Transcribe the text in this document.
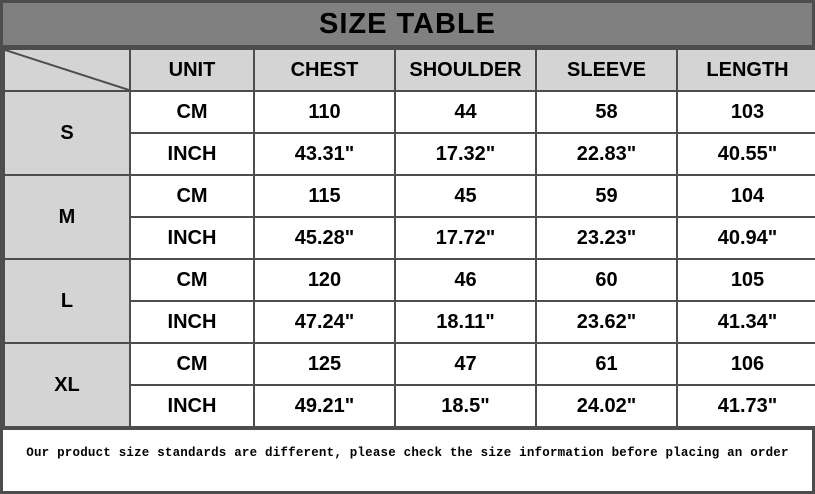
SIZE TABLE
	UNIT	CHEST	SHOULDER	SLEEVE	LENGTH
S	CM	110	44	58	103
	INCH	43.31"	17.32"	22.83"	40.55"
M	CM	115	45	59	104
	INCH	45.28"	17.72"	23.23"	40.94"
L	CM	120	46	60	105
	INCH	47.24"	18.11"	23.62"	41.34"
XL	CM	125	47	61	106
	INCH	49.21"	18.5"	24.02"	41.73"
Our product size standards are different, please check the size information before placing an order
